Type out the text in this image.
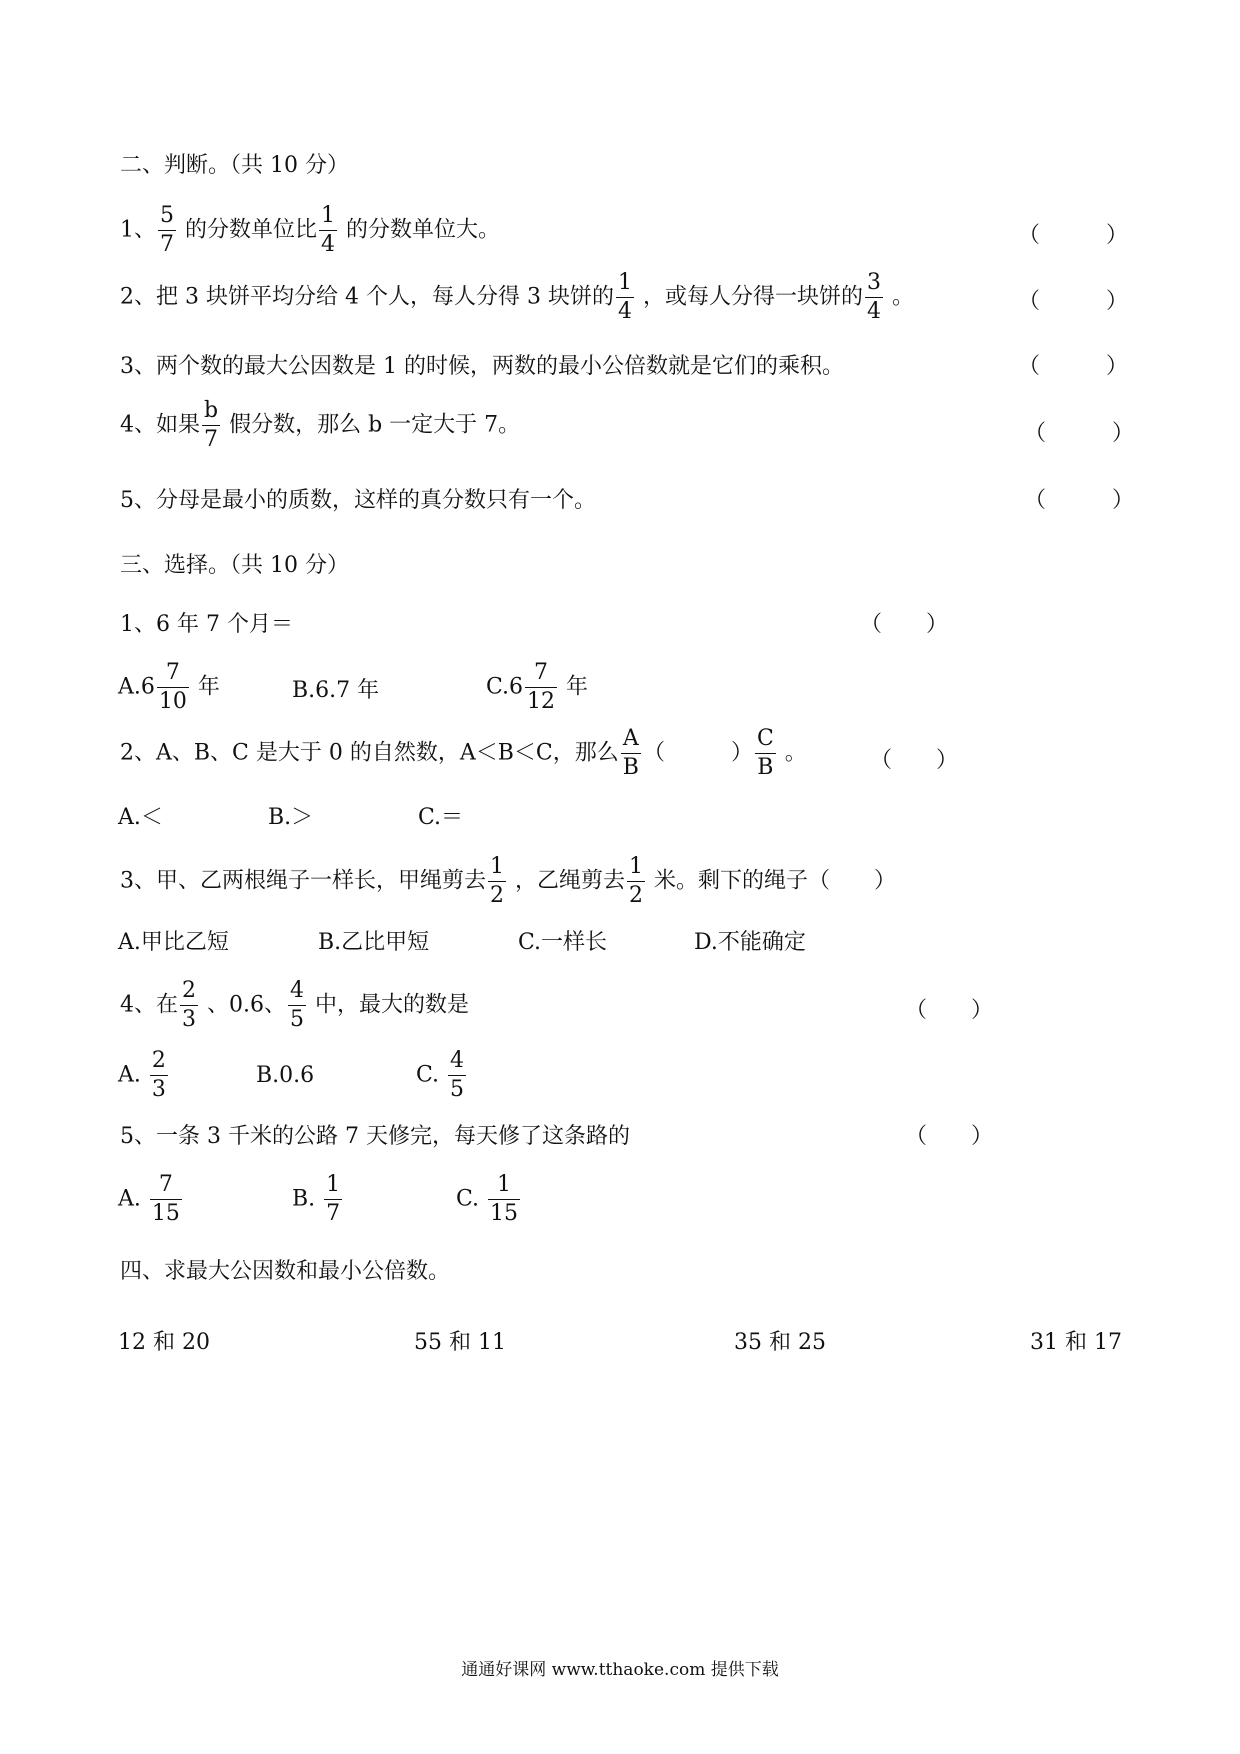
二、判断。（共 10 分）
1、 $\frac{5}{7}$ 的分数单位比 $\frac{1}{4}$ 的分数单位大。	（　　　）
2、把 3 块饼平均分给 4 个人，每人分得 3 块饼的 $\frac{1}{4}$ ，或每人分得一块饼的 $\frac{3}{4}$ 。	（　　　）
3、两个数的最大公因数是 1 的时候，两数的最小公倍数就是它们的乘积。	（　　　）
4、如果 $\frac{b}{7}$ 假分数，那么 b 一定大于 7。	（　　　）
5、分母是最小的质数，这样的真分数只有一个。	（　　　）
三、选择。（共 10 分）
1、6 年 7 个月＝	（　　）
$A.6 \frac{7}{10}$ 年	B.6.7 年	$C.6 \frac{7}{12}$ 年
2、A、B、C 是大于 0 的自然数，A＜B＜C，那么 $\frac{A}{B}$ （　　　） $\frac{C}{B}$ 。	（　　）
A.＜	B.＞	C.＝
3、甲、乙两根绳子一样长，甲绳剪去 $\frac{1}{2}$ ，乙绳剪去 $\frac{1}{2}$ 米。剩下的绳子（　　）
A.甲比乙短	B.乙比甲短	C.一样长	D.不能确定
4、在 $\frac{2}{3}$ 、0.6、 $\frac{4}{5}$ 中，最大的数是	（　　）
A. $\frac{2}{3}$	B.0.6	C. $\frac{4}{5}$
5、一条 3 千米的公路 7 天修完，每天修了这条路的	（　　）
A. $\frac{7}{15}$	B. $\frac{1}{7}$	C. $\frac{1}{15}$
四、求最大公因数和最小公倍数。
12 和 20	55 和 11	35 和 25	31 和 17
通通好课网 www.tthaoke.com 提供下载
